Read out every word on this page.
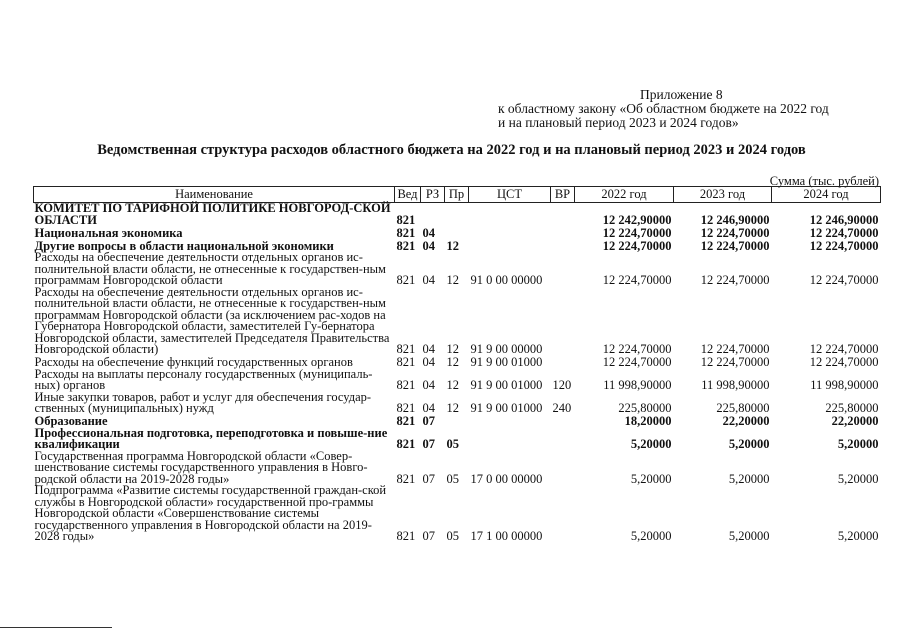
Приложение 8
к областному закону «Об областном бюджете на 2022 год
и на плановый период 2023 и 2024 годов»
Ведомственная структура расходов областного бюджета на 2022 год и на плановый период 2023 и 2024 годов
Сумма (тыс. рублей)
Наименование	Вед	РЗ	Пр	ЦСТ	ВР	2022 год	2023 год	2024 год
КОМИТЕТ ПО ТАРИФНОЙ ПОЛИТИКЕ НОВГОРОД-СКОЙ ОБЛАСТИ	821					12 242,90000	12 246,90000	12 246,90000
Национальная экономика	821	04				12 224,70000	12 224,70000	12 224,70000
Другие вопросы в области национальной экономики	821	04	12			12 224,70000	12 224,70000	12 224,70000
Расходы на обеспечение деятельности отдельных органов ис-полнительной власти области, не отнесенные к государствен-ным программам Новгородской области	821	04	12	91 0 00 00000		12 224,70000	12 224,70000	12 224,70000
Расходы на обеспечение деятельности отдельных органов ис-полнительной власти области, не отнесенные к государствен-ным программам Новгородской области (за исключением рас-ходов на Губернатора Новгородской области, заместителей Гу-бернатора Новгородской области, заместителей Председателя Правительства Новгородской области)	821	04	12	91 9 00 00000		12 224,70000	12 224,70000	12 224,70000
Расходы на обеспечение функций государственных органов	821	04	12	91 9 00 01000		12 224,70000	12 224,70000	12 224,70000
Расходы на выплаты персоналу государственных (муниципаль-ных) органов	821	04	12	91 9 00 01000	120	11 998,90000	11 998,90000	11 998,90000
Иные закупки товаров, работ и услуг для обеспечения государ-ственных (муниципальных) нужд	821	04	12	91 9 00 01000	240	225,80000	225,80000	225,80000
Образование	821	07				18,20000	22,20000	22,20000
Профессиональная подготовка, переподготовка и повыше-ние квалификации	821	07	05			5,20000	5,20000	5,20000
Государственная программа Новгородской области «Совер-шенствование системы государственного управления в Новго-родской области на 2019-2028 годы»	821	07	05	17 0 00 00000		5,20000	5,20000	5,20000
Подпрограмма «Развитие системы государственной граждан-ской службы в Новгородской области» государственной про-граммы Новгородской области «Совершенствование системы государственного управления в Новгородской области на 2019-2028 годы»	821	07	05	17 1 00 00000		5,20000	5,20000	5,20000
